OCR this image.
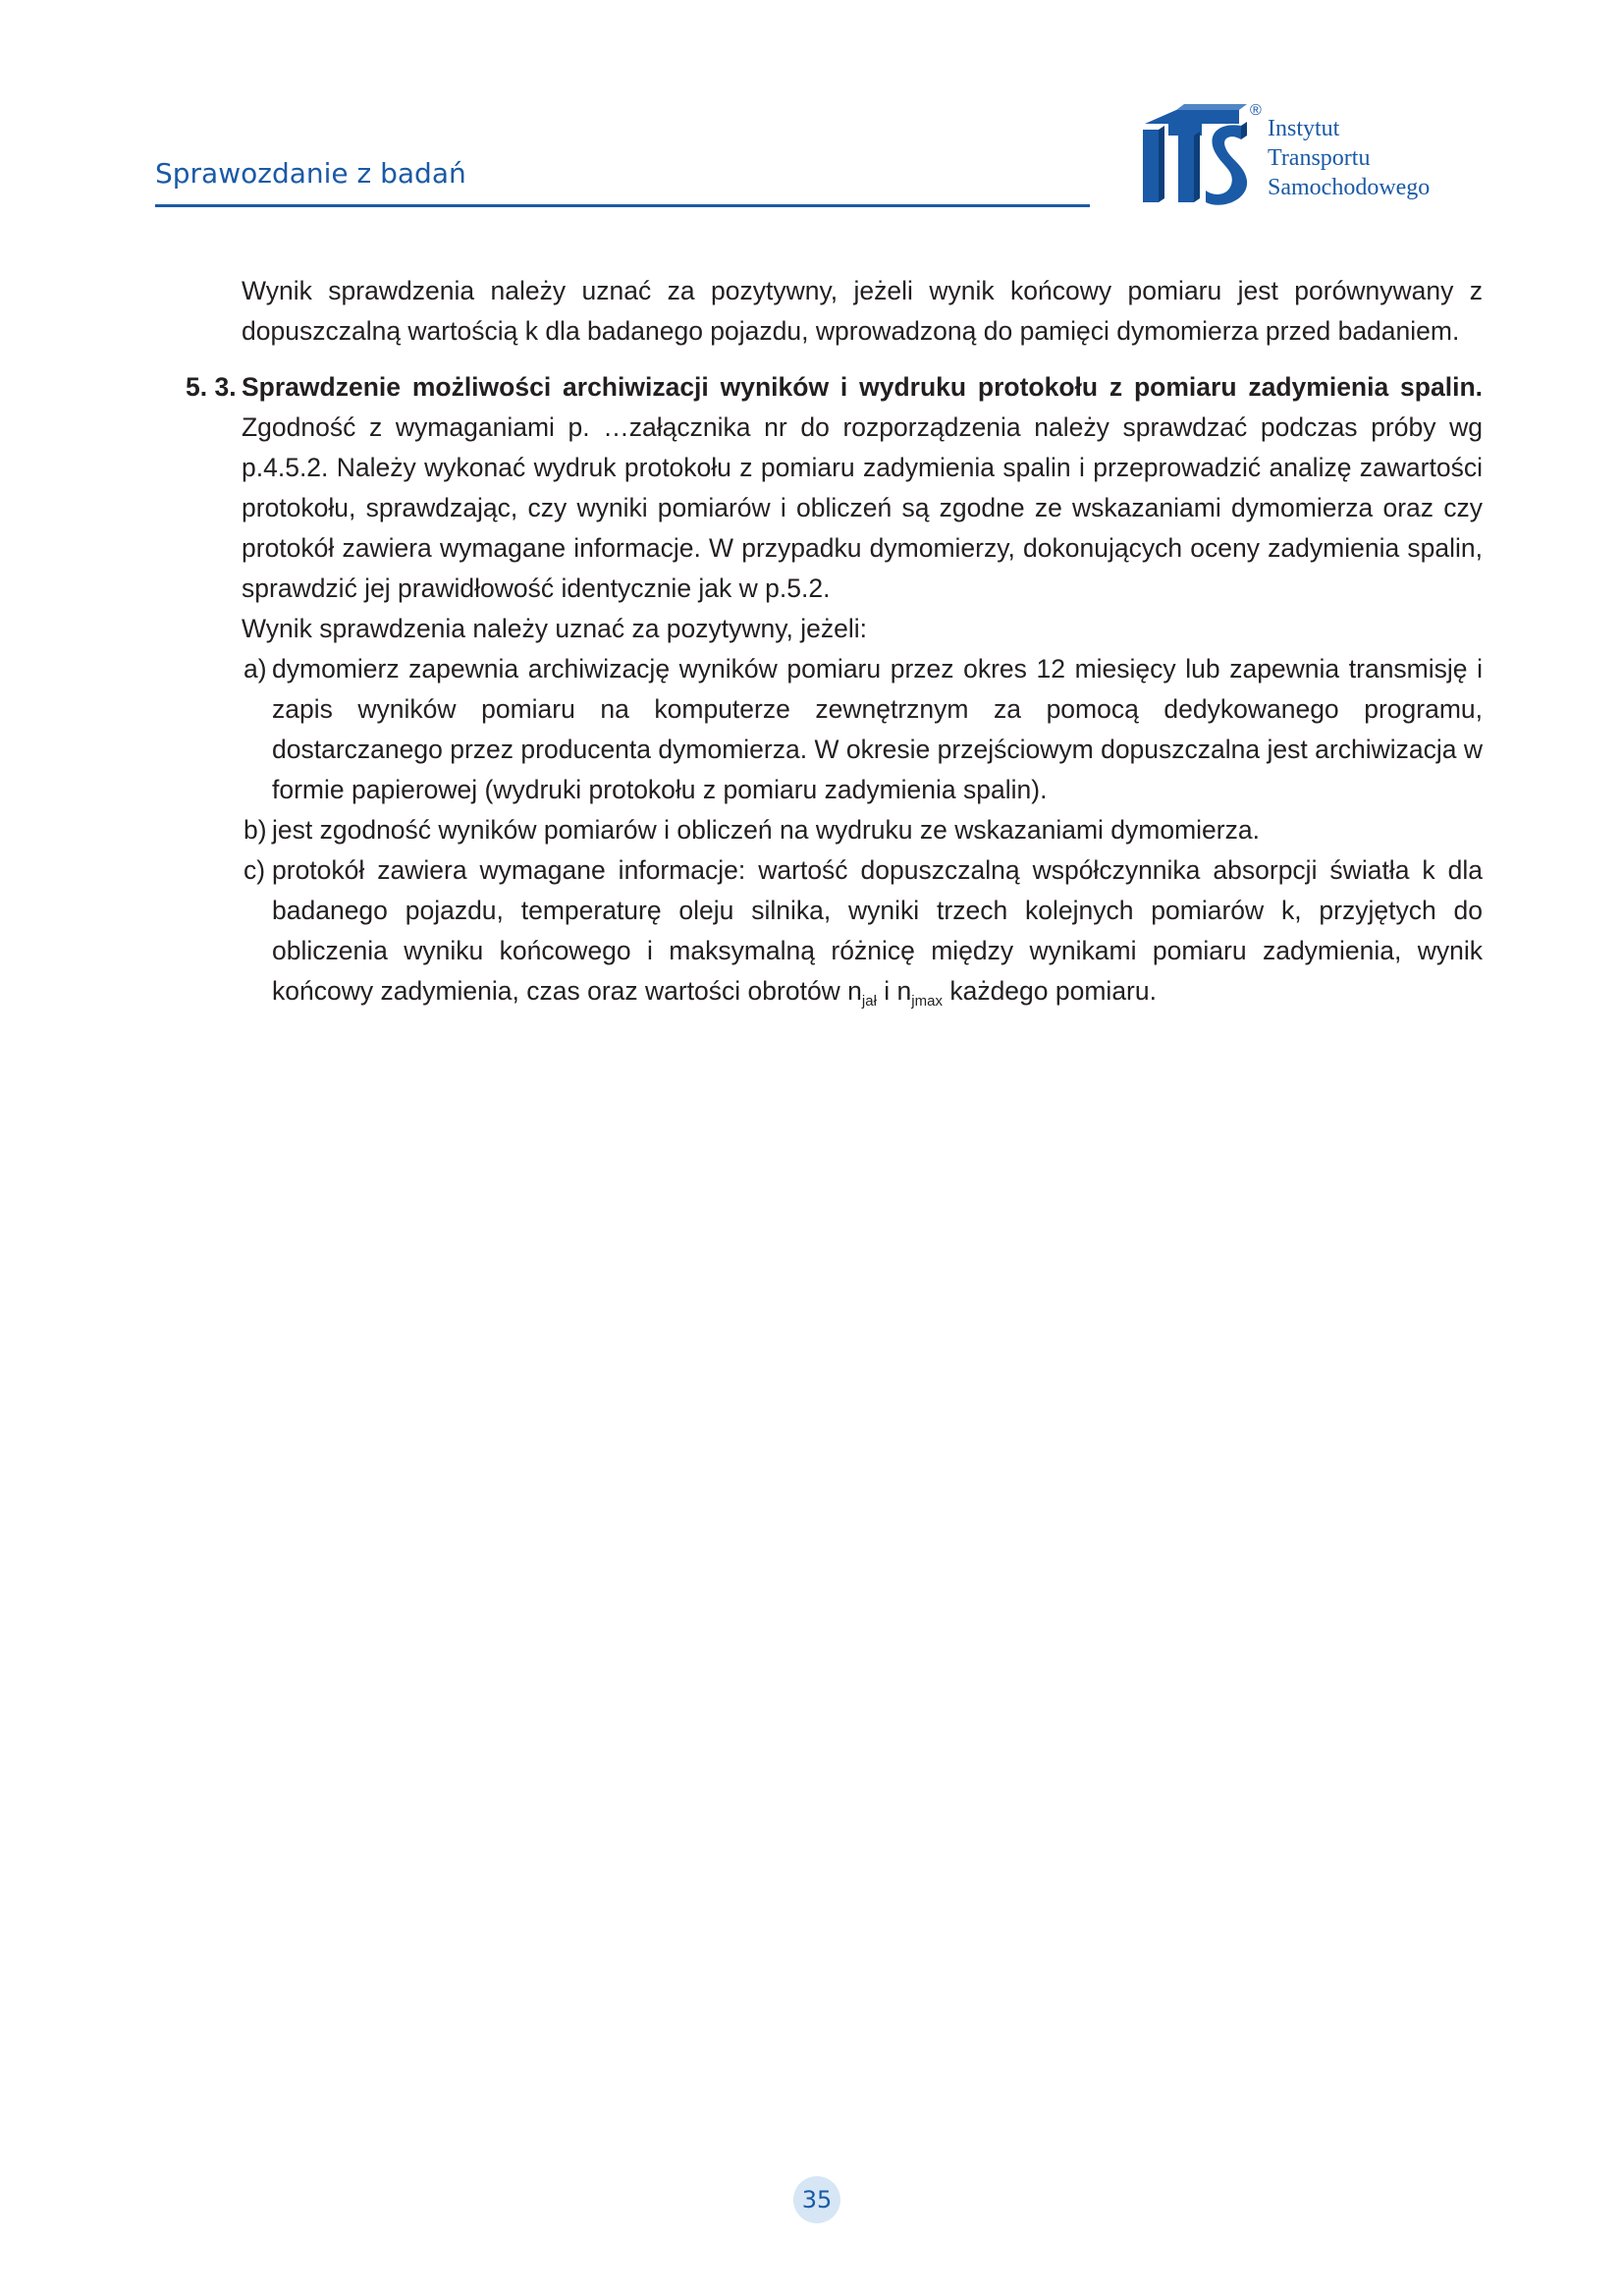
Sprawozdanie z badań
®
Instytut
Transportu
Samochodowego

Wynik sprawdzenia należy uznać za pozytywny, jeżeli wynik końcowy pomiaru jest porównywany z dopuszczalną wartością k dla badanego pojazdu, wprowadzoną do pamięci dymomierza przed badaniem.

5. 3. Sprawdzenie możliwości archiwizacji wyników i wydruku protokołu z pomiaru zadymienia spalin. Zgodność z wymaganiami p. …załącznika nr do rozporządzenia należy sprawdzać podczas próby wg p.4.5.2. Należy wykonać wydruk protokołu z pomiaru zadymienia spalin i przeprowadzić analizę zawartości protokołu, sprawdzając, czy wyniki pomiarów i obliczeń są zgodne ze wskazaniami dymomierza oraz czy protokół zawiera wymagane informacje. W przypadku dymomierzy, dokonujących oceny zadymienia spalin, sprawdzić jej prawidłowość identycznie jak w p.5.2.

Wynik sprawdzenia należy uznać za pozytywny, jeżeli:

a) dymomierz zapewnia archiwizację wyników pomiaru przez okres 12 miesięcy lub zapewnia transmisję i zapis wyników pomiaru na komputerze zewnętrznym za pomocą dedykowanego programu, dostarczanego przez producenta dymomierza. W okresie przejściowym dopuszczalna jest archiwizacja w formie papierowej (wydruki protokołu z pomiaru zadymienia spalin).
b) jest zgodność wyników pomiarów i obliczeń na wydruku ze wskazaniami dymomierza.
c) protokół zawiera wymagane informacje: wartość dopuszczalną współczynnika absorpcji światła k dla badanego pojazdu, temperaturę oleju silnika, wyniki trzech kolejnych pomiarów k, przyjętych do obliczenia wyniku końcowego i maksymalną różnicę między wynikami pomiaru zadymienia, wynik końcowy zadymienia, czas oraz wartości obrotów $n_{jał}$ i $n_{jmax}$ każdego pomiaru.
35
